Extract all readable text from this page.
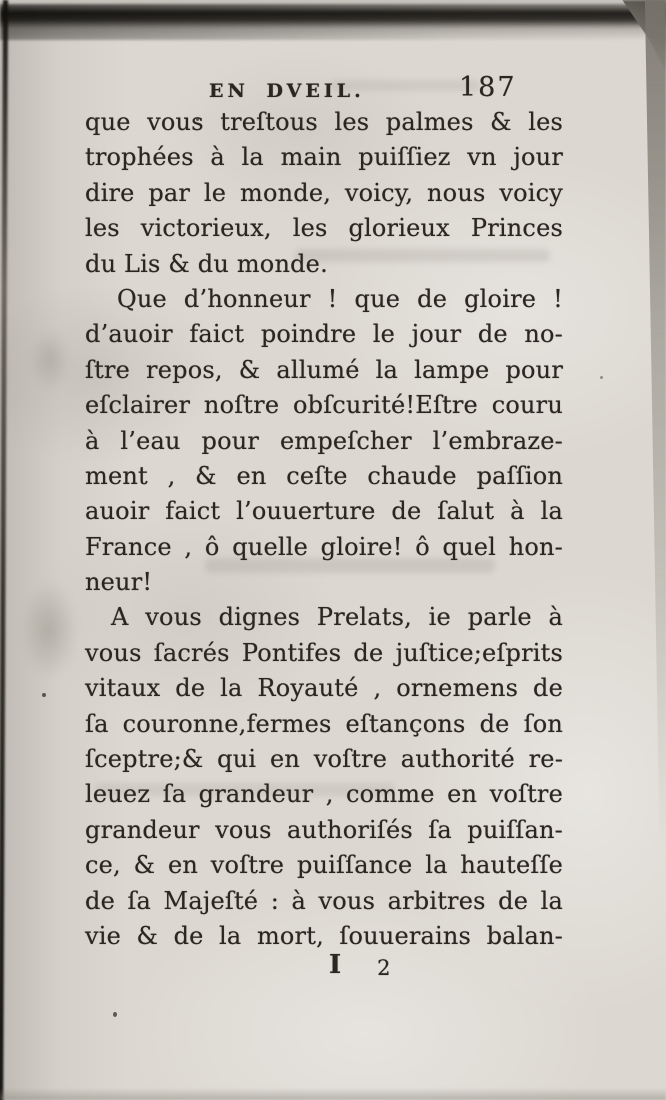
EN DVEIL.	187
que vous treſtous les palmes & les
trophées à la main puiſſiez vn jour
dire par le monde, voicy, nous voicy
les victorieux, les glorieux Princes
du Lis & du monde.
Que d’honneur ! que de gloire !
d’auoir faict poindre le jour de no-
ſtre repos, & allumé la lampe pour
eſclairer noſtre obſcurité!Eſtre couru
à l’eau pour empeſcher l’embraze-
ment , & en ceſte chaude paſſion
auoir faict l’ouuerture de ſalut à la
France , ô quelle gloire! ô quel hon-
neur!
A vous dignes Prelats, ie parle à
vous ſacrés Pontifes de juſtice;eſprits
vitaux de la Royauté , ornemens de
ſa couronne,fermes eſtançons de ſon
ſceptre;& qui en voſtre authorité re-
leuez ſa grandeur , comme en voſtre
grandeur vous authoriſés ſa puiſſan-
ce, & en voſtre puiſſance la hauteſſe
de ſa Majeſté : à vous arbitres de la
vie & de la mort, ſouuerains balan-
I 2
